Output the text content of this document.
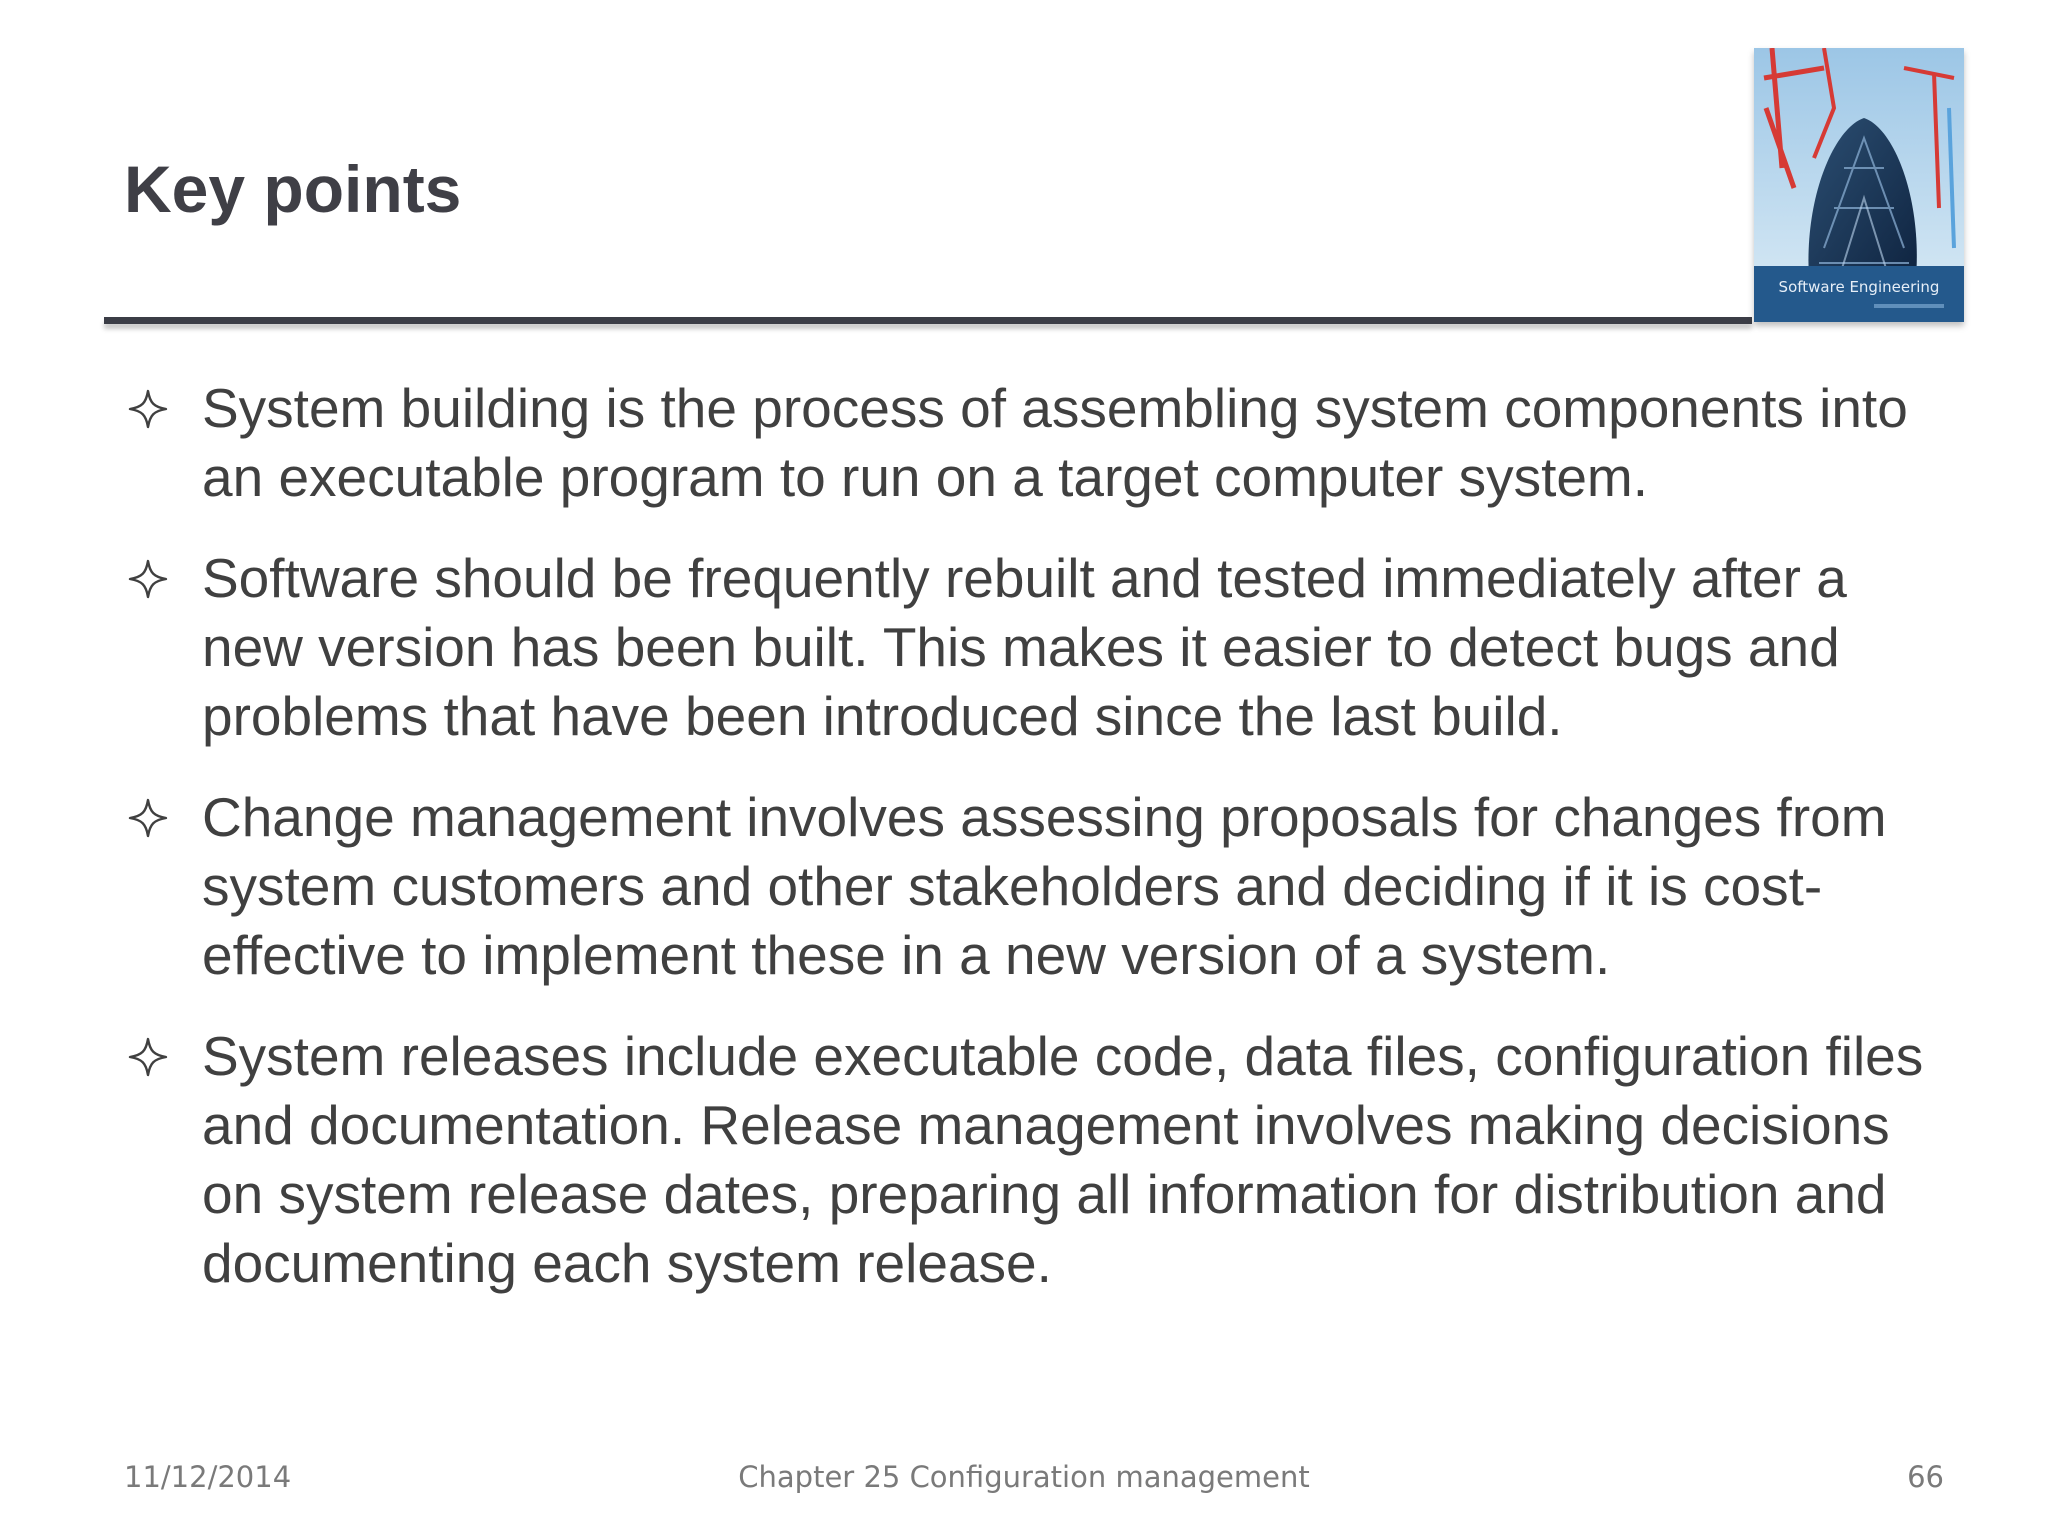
Key points
Software Engineering
System building is the process of assembling system components into an executable program to run on a target computer system.
Software should be frequently rebuilt and tested immediately after a new version has been built. This makes it easier to detect bugs and problems that have been introduced since the last build.
Change management involves assessing proposals for changes from system customers and other stakeholders and deciding if it is cost-effective to implement these in a new version of a system.
System releases include executable code, data files, configuration files and documentation. Release management involves making decisions on system release dates, preparing all information for distribution and documenting each system release.
11/12/2014	Chapter 25 Configuration management	66
